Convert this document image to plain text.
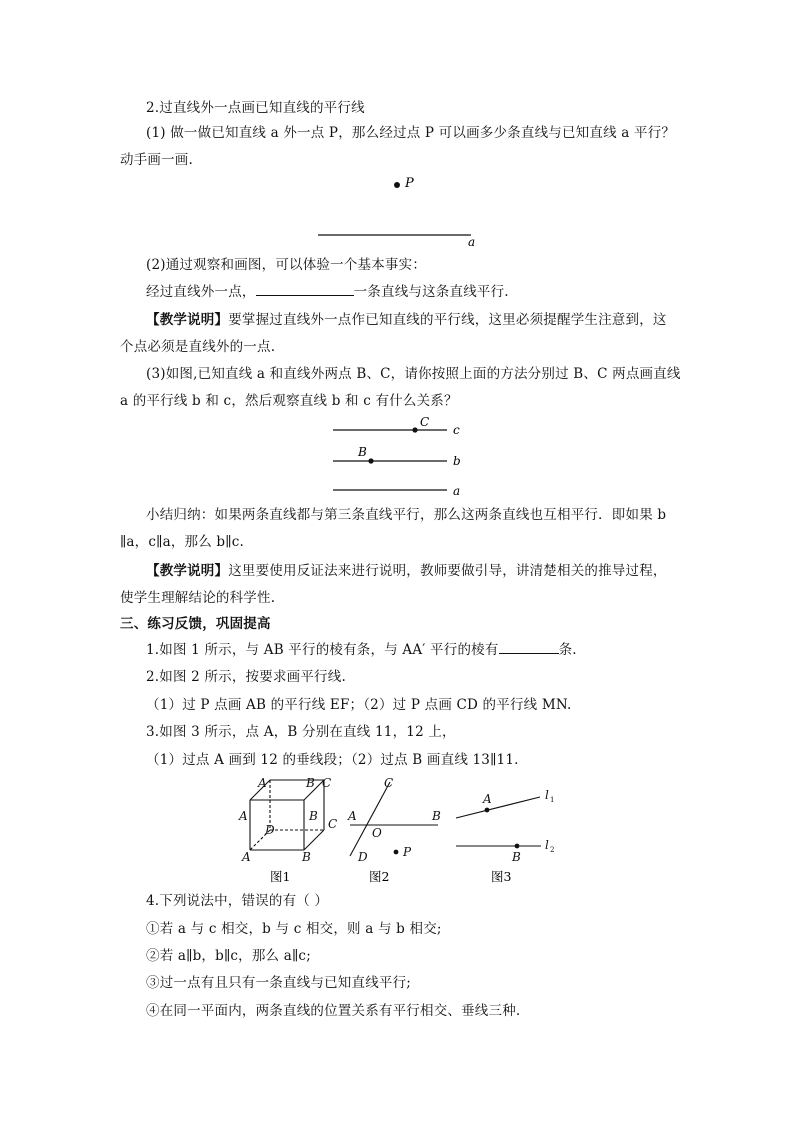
2.过直线外一点画已知直线的平行线
(1) 做一做已知直线 a 外一点 P，那么经过点 P 可以画多少条直线与已知直线 a 平行？
动手画一画.
P
a
(2)通过观察和画图，可以体验一个基本事实：
经过直线外一点，	一条直线与这条直线平行.
【教学说明】要掌握过直线外一点作已知直线的平行线，这里必须提醒学生注意到，这
个点必须是直线外的一点.
(3)如图,已知直线 a 和直线外两点 B、C，请你按照上面的方法分别过 B、C 两点画直线
a 的平行线 b 和 c，然后观察直线 b 和 c 有什么关系？
C
c
B
b
a
小结归纳：如果两条直线都与第三条直线平行，那么这两条直线也互相平行．即如果 b
∥a，c∥a，那么 b∥c.
【教学说明】这里要使用反证法来进行说明，教师要做引导，讲清楚相关的推导过程，
使学生理解结论的科学性.
三、练习反馈，巩固提高
1.如图 1 所示，与 AB 平行的棱有条，与 AA′ 平行的棱有	条.
2.如图 2 所示，按要求画平行线.
（1）过 P 点画 AB 的平行线 EF；（2）过 P 点画 CD 的平行线 MN.
3.如图 3 所示，点 A，B 分别在直线 11，12 上，
（1）过点 A 画到 12 的垂线段；（2）过点 B 画直线 13∥11.
A	B C
A
D
B
C
A	B
图1
C
A
O
B
D	P
图2
A	l 1
B
l 2
图3
4.下列说法中，错误的有（ ）
①若 a 与 c 相交，b 与 c 相交，则 a 与 b 相交;
②若 a∥b，b∥c，那么 a∥c;
③过一点有且只有一条直线与已知直线平行;
④在同一平面内，两条直线的位置关系有平行相交、垂线三种.
